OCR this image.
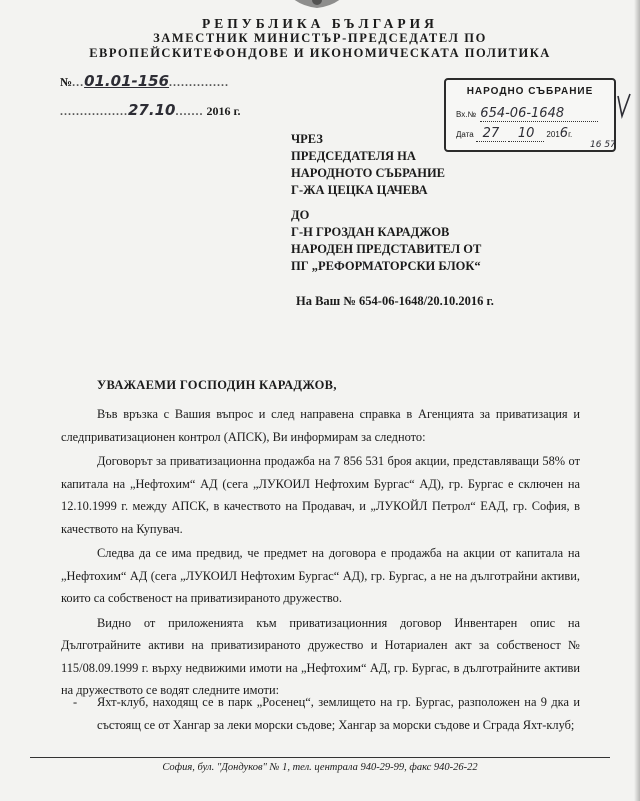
РЕПУБЛИКА БЪЛГАРИЯ
ЗАМЕСТНИК МИНИСТЪР-ПРЕДСЕДАТЕЛ ПО
ЕВРОПЕЙСКИТЕФОНДОВЕ И ИКОНОМИЧЕСКАТА ПОЛИТИКА
№...01.01-156...............
.................27.10....... 2016 г.
НАРОДНО СЪБРАНИЕ
Вх.№ 654-06-1648
Дата 27 10 2016г.
16 57
ЧРЕЗ
ПРЕДСЕДАТЕЛЯ НА
НАРОДНОТО СЪБРАНИЕ
Г-ЖА ЦЕЦКА ЦАЧЕВА
ДО
Г-Н ГРОЗДАН КАРАДЖОВ
НАРОДЕН ПРЕДСТАВИТЕЛ ОТ
ПГ „РЕФОРМАТОРСКИ БЛОК“
На Ваш № 654-06-1648/20.10.2016 г.
УВАЖАЕМИ ГОСПОДИН КАРАДЖОВ,

Във връзка с Вашия въпрос и след направена справка в Агенцията за приватизация и следприватизационен контрол (АПСК), Ви информирам за следното:

Договорът за приватизационна продажба на 7 856 531 броя акции, представляващи 58% от капитала на „Нефтохим“ АД (сега „ЛУКОИЛ Нефтохим Бургас“ АД), гр. Бургас е сключен на 12.10.1999 г. между АПСК, в качеството на Продавач, и „ЛУКОЙЛ Петрол“ ЕАД, гр. София, в качеството на Купувач.

Следва да се има предвид, че предмет на договора е продажба на акции от капитала на „Нефтохим“ АД (сега „ЛУКОИЛ Нефтохим Бургас“ АД), гр. Бургас, а не на дълготрайни активи, които са собственост на приватизираното дружество.

Видно от приложенията към приватизационния договор Инвентарен опис на Дълготрайните активи на приватизираното дружество и Нотариален акт за собственост № 115/08.09.1999 г. върху недвижими имоти на „Нефтохим“ АД, гр. Бургас, в дълготрайните активи на дружеството се водят следните имоти:

- Яхт-клуб, находящ се в парк „Росенец“, землището на гр. Бургас, разположен на 9 дка и състоящ се от Хангар за леки морски съдове; Хангар за морски съдове и Сграда Яхт-клуб;
София, бул. "Дондуков" № 1, тел. централа 940-29-99, факс 940-26-22
